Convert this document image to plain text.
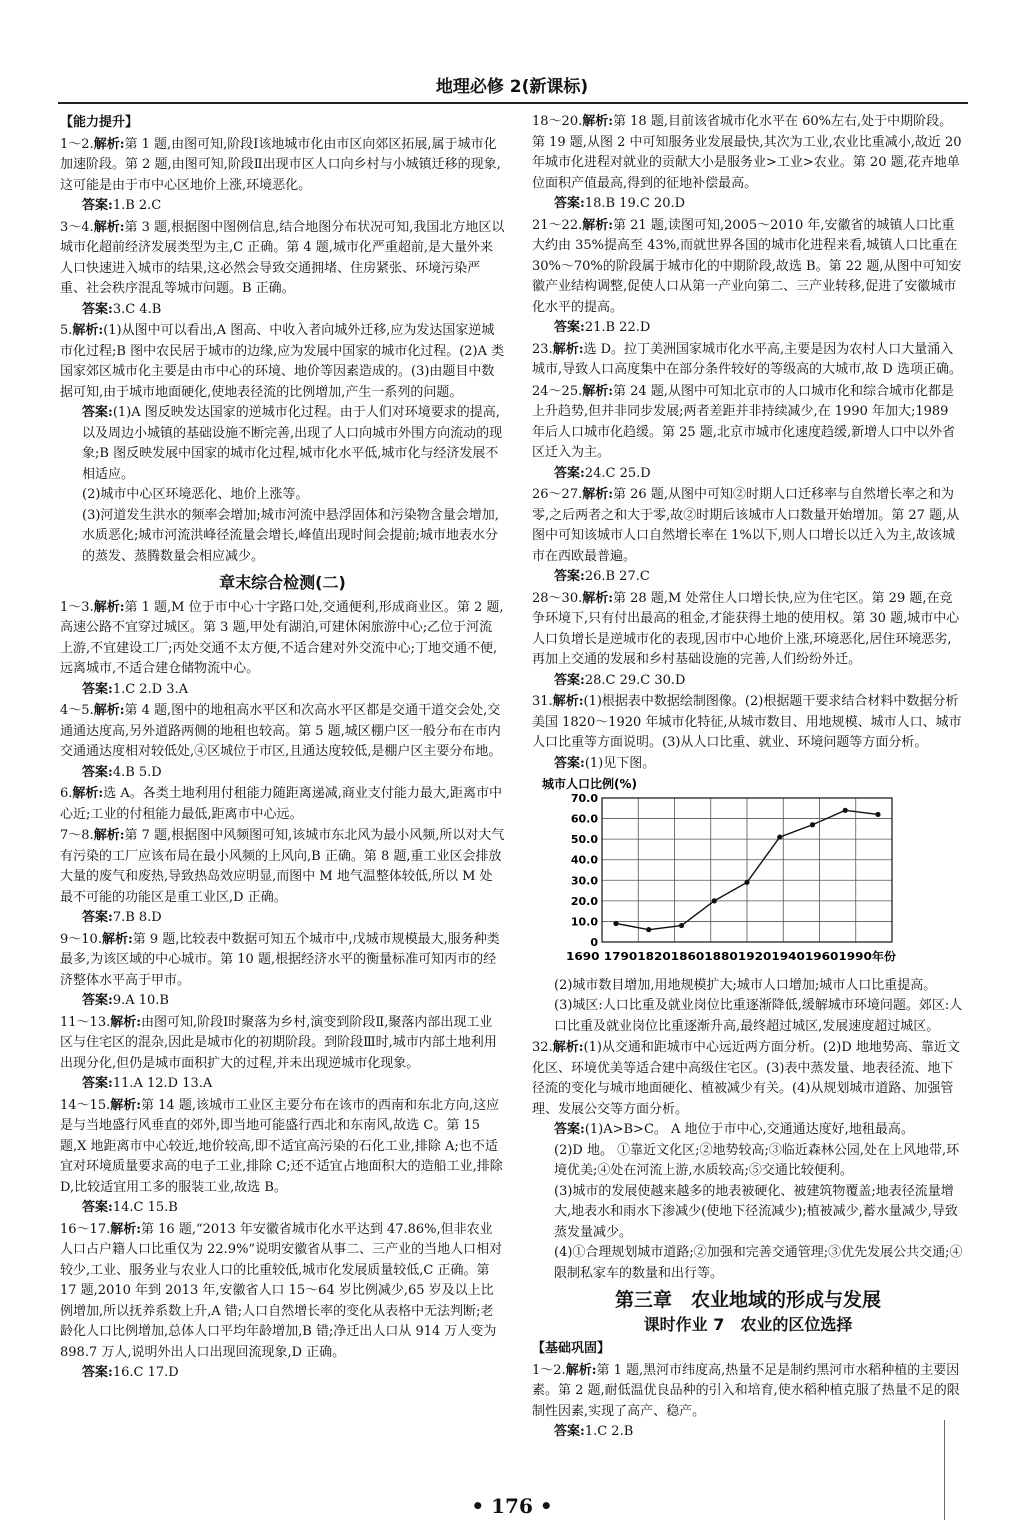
地理必修 2(新课标)
【能力提升】
1～2.解析:第 1 题,由图可知,阶段Ⅰ该地城市化由市区向郊区拓展,属于城市化加速阶段。第 2 题,由图可知,阶段Ⅱ出现市区人口向乡村与小城镇迁移的现象,这可能是由于市中心区地价上涨,环境恶化。
答案:1.B 2.C
3～4.解析:第 3 题,根据图中图例信息,结合地图分布状况可知,我国北方地区以城市化超前经济发展类型为主,C 正确。第 4 题,城市化严重超前,是大量外来人口快速进入城市的结果,这必然会导致交通拥堵、住房紧张、环境污染严重、社会秩序混乱等城市问题。B 正确。
答案:3.C 4.B
5.解析:(1)从图中可以看出,A 图高、中收入者向城外迁移,应为发达国家逆城市化过程;B 图中农民居于城市的边缘,应为发展中国家的城市化过程。(2)A 类国家郊区城市化主要是由市中心的环境、地价等因素造成的。(3)由题目中数据可知,由于城市地面硬化,使地表径流的比例增加,产生一系列的问题。
答案:(1)A 图反映发达国家的逆城市化过程。由于人们对环境要求的提高,以及周边小城镇的基础设施不断完善,出现了人口向城市外围方向流动的现象;B 图反映发展中国家的城市化过程,城市化水平低,城市化与经济发展不相适应。
(2)城市中心区环境恶化、地价上涨等。
(3)河道发生洪水的频率会增加;城市河流中悬浮固体和污染物含量会增加,水质恶化;城市河流洪峰径流量会增长,峰值出现时间会提前;城市地表水分的蒸发、蒸腾数量会相应减少。
章末综合检测(二)
1～3.解析:第 1 题,M 位于市中心十字路口处,交通便利,形成商业区。第 2 题,高速公路不宜穿过城区。第 3 题,甲处有湖泊,可建休闲旅游中心;乙位于河流上游,不宜建设工厂;丙处交通不太方便,不适合建对外交流中心;丁地交通不便,远离城市,不适合建仓储物流中心。
答案:1.C 2.D 3.A
4～5.解析:第 4 题,图中的地租高水平区和次高水平区都是交通干道交会处,交通通达度高,另外道路两侧的地租也较高。第 5 题,城区棚户区一般分布在市内交通通达度相对较低处,④区城位于市区,且通达度较低,是棚户区主要分布地。
答案:4.B 5.D
6.解析:选 A。各类土地利用付租能力随距离递减,商业支付能力最大,距离市中心近;工业的付租能力最低,距离市中心远。
7～8.解析:第 7 题,根据图中风频图可知,该城市东北风为最小风频,所以对大气有污染的工厂应该布局在最小风频的上风向,B 正确。第 8 题,重工业区会排放大量的废气和废热,导致热岛效应明显,而图中 M 地气温整体较低,所以 M 处最不可能的功能区是重工业区,D 正确。
答案:7.B 8.D
9～10.解析:第 9 题,比较表中数据可知五个城市中,戊城市规模最大,服务种类最多,为该区域的中心城市。第 10 题,根据经济水平的衡量标准可知丙市的经济整体水平高于甲市。
答案:9.A 10.B
11～13.解析:由图可知,阶段Ⅰ时聚落为乡村,演变到阶段Ⅱ,聚落内部出现工业区与住宅区的混杂,因此是城市化的初期阶段。到阶段Ⅲ时,城市内部土地利用出现分化,但仍是城市面积扩大的过程,并未出现逆城市化现象。
答案:11.A 12.D 13.A
14～15.解析:第 14 题,该城市工业区主要分布在该市的西南和东北方向,这应是与当地盛行风垂直的郊外,即当地可能盛行西北和东南风,故选 C。第 15 题,X 地距离市中心较近,地价较高,即不适宜高污染的石化工业,排除 A;也不适宜对环境质量要求高的电子工业,排除 C;还不适宜占地面积大的造船工业,排除 D,比较适宜用工多的服装工业,故选 B。
答案:14.C 15.B
16～17.解析:第 16 题,“2013 年安徽省城市化水平达到 47.86%,但非农业人口占户籍人口比重仅为 22.9%”说明安徽省从事二、三产业的当地人口相对较少,工业、服务业与农业人口的比重较低,城市化发展质量较低,C 正确。第 17 题,2010 年到 2013 年,安徽省人口 15～64 岁比例减少,65 岁及以上比例增加,所以抚养系数上升,A 错;人口自然增长率的变化从表格中无法判断;老龄化人口比例增加,总体人口平均年龄增加,B 错;净迁出人口从 914 万人变为 898.7 万人,说明外出人口出现回流现象,D 正确。
答案:16.C 17.D
18～20.解析:第 18 题,目前该省城市化水平在 60%左右,处于中期阶段。第 19 题,从图 2 中可知服务业发展最快,其次为工业,农业比重减小,故近 20 年城市化进程对就业的贡献大小是服务业>工业>农业。第 20 题,花卉地单位面积产值最高,得到的征地补偿最高。
答案:18.B 19.C 20.D
21～22.解析:第 21 题,读图可知,2005～2010 年,安徽省的城镇人口比重大约由 35%提高至 43%,而就世界各国的城市化进程来看,城镇人口比重在 30%～70%的阶段属于城市化的中期阶段,故选 B。第 22 题,从图中可知安徽产业结构调整,促使人口从第一产业向第二、三产业转移,促进了安徽城市化水平的提高。
答案:21.B 22.D
23.解析:选 D。拉丁美洲国家城市化水平高,主要是因为农村人口大量涌入城市,导致人口高度集中在部分条件较好的等级高的大城市,故 D 选项正确。
24～25.解析:第 24 题,从图中可知北京市的人口城市化和综合城市化都是上升趋势,但并非同步发展;两者差距并非持续减少,在 1990 年加大;1989 年后人口城市化趋缓。第 25 题,北京市城市化速度趋缓,新增人口中以外省区迁入为主。
答案:24.C 25.D
26～27.解析:第 26 题,从图中可知②时期人口迁移率与自然增长率之和为零,之后两者之和大于零,故②时期后该城市人口数量开始增加。第 27 题,从图中可知该城市人口自然增长率在 1%以下,则人口增长以迁入为主,故该城市在西欧最普遍。
答案:26.B 27.C
28～30.解析:第 28 题,M 处常住人口增长快,应为住宅区。第 29 题,在竞争环境下,只有付出最高的租金,才能获得土地的使用权。第 30 题,城市中心人口负增长是逆城市化的表现,因市中心地价上涨,环境恶化,居住环境恶劣,再加上交通的发展和乡村基础设施的完善,人们纷纷外迁。
答案:28.C 29.C 30.D
31.解析:(1)根据表中数据绘制图像。(2)根据题干要求结合材料中数据分析美国 1820～1920 年城市化特征,从城市数目、用地规模、城市人口、城市人口比重等方面说明。(3)从人口比重、就业、环境问题等方面分析。
答案:(1)见下图。
城市人口比例(%)
0
10.0
20.0
30.0
40.0
50.0
60.0
70.0
1690 17901820186018801920194019601990年份
(2)城市数目增加,用地规模扩大;城市人口增加;城市人口比重提高。
(3)城区:人口比重及就业岗位比重逐渐降低,缓解城市环境问题。郊区:人口比重及就业岗位比重逐渐升高,最终超过城区,发展速度超过城区。
32.解析:(1)从交通和距城市中心远近两方面分析。(2)D 地地势高、靠近文化区、环境优美等适合建中高级住宅区。(3)表中蒸发量、地表径流、地下径流的变化与城市地面硬化、植被减少有关。(4)从规划城市道路、加强管理、发展公交等方面分析。
答案:(1)A>B>C。 A 地位于市中心,交通通达度好,地租最高。
(2)D 地。 ①靠近文化区;②地势较高;③临近森林公园,处在上风地带,环境优美;④处在河流上游,水质较高;⑤交通比较便利。
(3)城市的发展使越来越多的地表被硬化、被建筑物覆盖;地表径流量增大,地表水和雨水下渗减少(使地下径流减少);植被减少,蓄水量减少,导致蒸发量减少。
(4)①合理规划城市道路;②加强和完善交通管理;③优先发展公共交通;④限制私家车的数量和出行等。
第三章　农业地域的形成与发展
课时作业 7　农业的区位选择
【基础巩固】
1～2.解析:第 1 题,黑河市纬度高,热量不足是制约黑河市水稻种植的主要因素。第 2 题,耐低温优良品种的引入和培育,使水稻种植克服了热量不足的限制性因素,实现了高产、稳产。
答案:1.C 2.B
• 176 •
